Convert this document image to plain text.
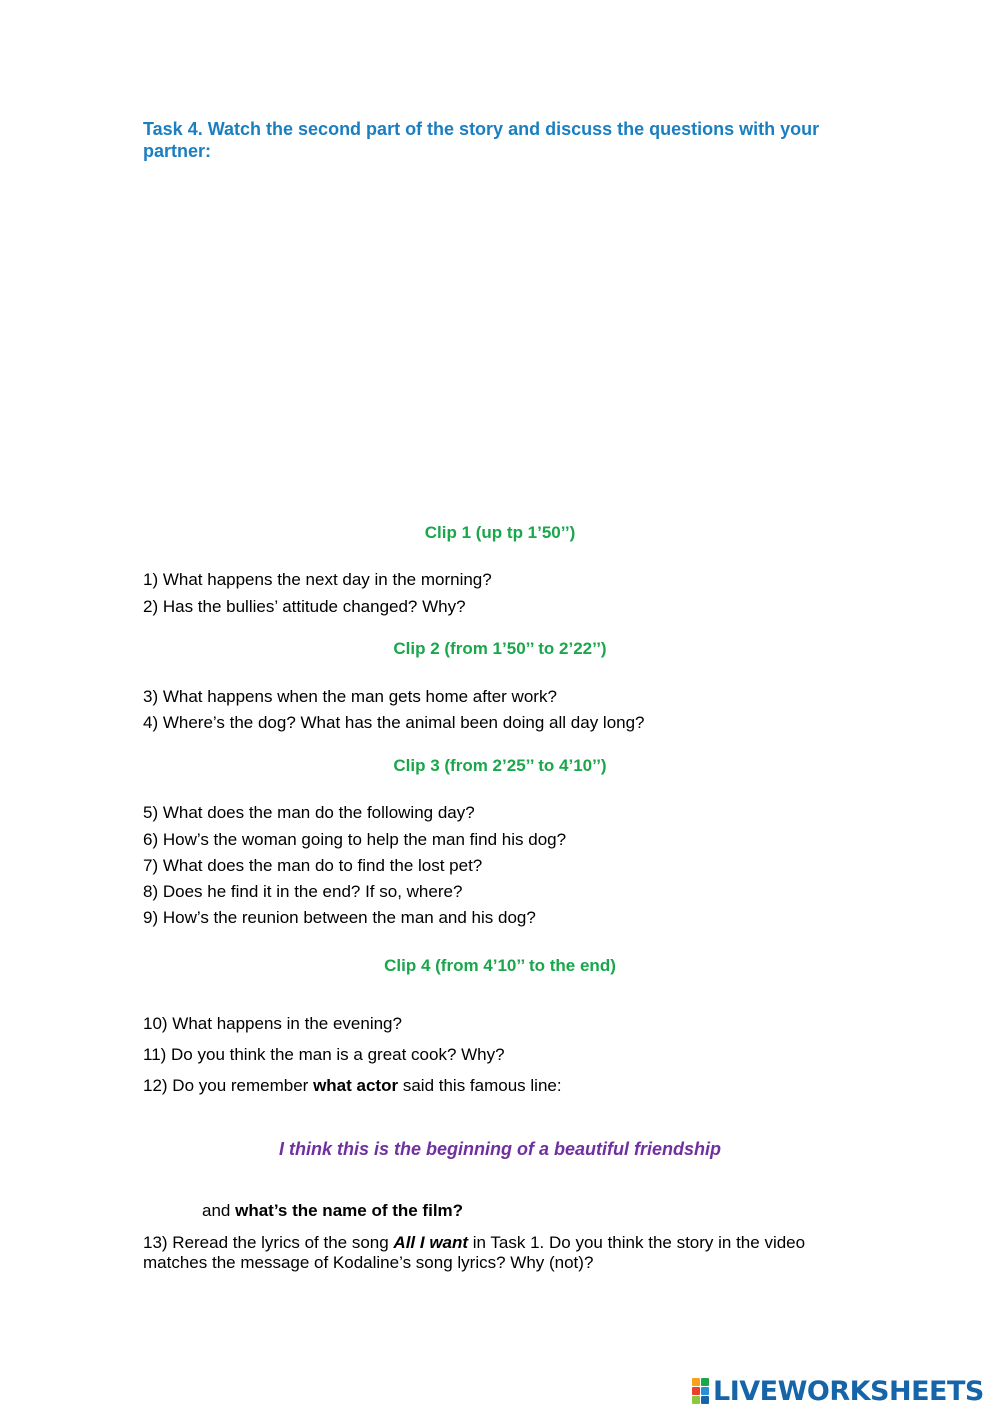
Task 4. Watch the second part of the story and discuss the questions with your partner:
Clip 1 (up tp 1’50’’)
1) What happens the next day in the morning?
2) Has the bullies’ attitude changed? Why?
Clip 2 (from 1’50’’ to 2’22’’)
3) What happens when the man gets home after work?
4) Where’s the dog? What has the animal been doing all day long?
Clip 3 (from 2’25’’ to 4’10’’)
5) What does the man do the following day?
6) How’s the woman going to help the man find his dog?
7) What does the man do to find the lost pet?
8) Does he find it in the end? If so, where?
9) How’s the reunion between the man and his dog?
Clip 4 (from 4’10’’ to the end)
10) What happens in the evening?
11) Do you think the man is a great cook? Why?
12) Do you remember what actor said this famous line:
I think this is the beginning of a beautiful friendship
and what’s the name of the film?
13) Reread the lyrics of the song All I want in Task 1. Do you think the story in the video matches the message of Kodaline’s song lyrics? Why (not)?
LIVEWORKSHEETS
